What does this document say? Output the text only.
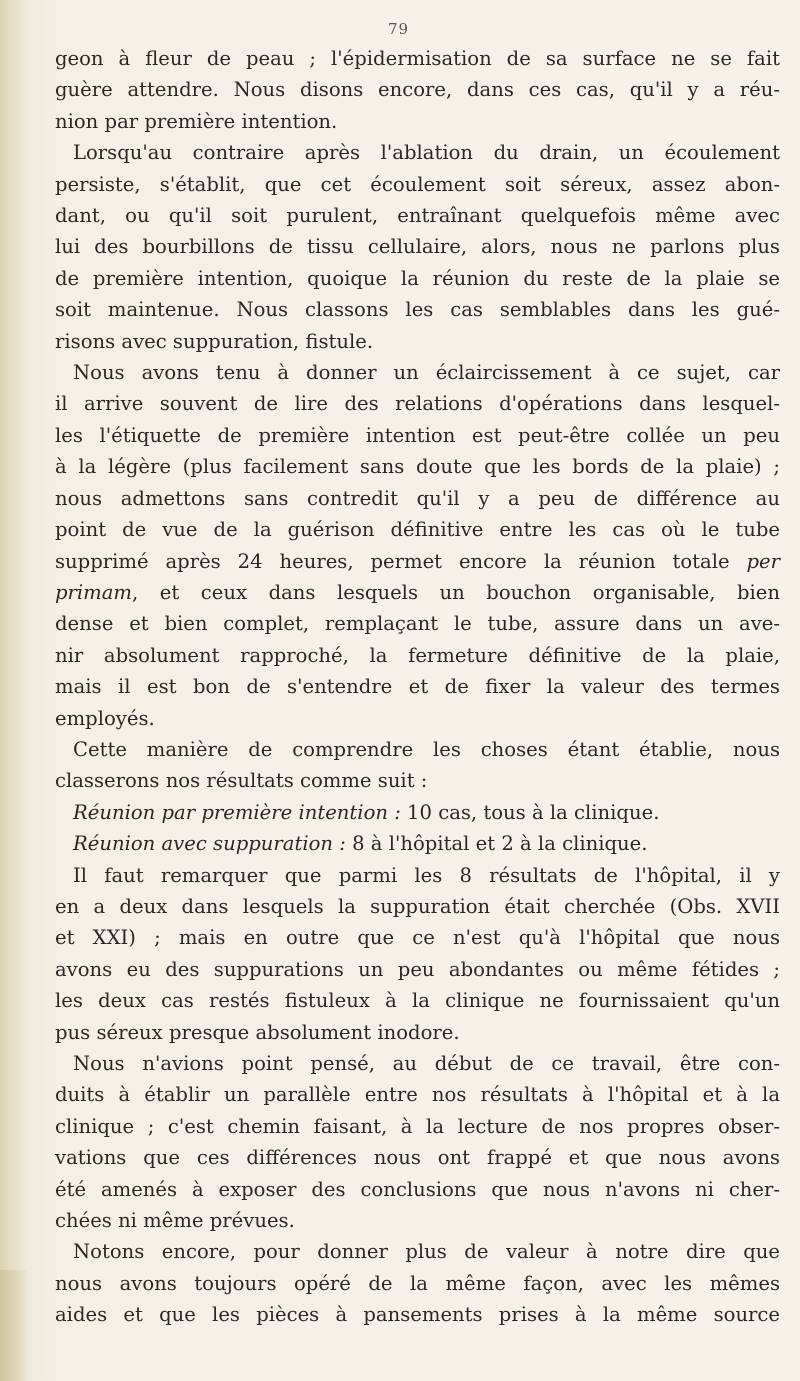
79
geon à fleur de peau ; l'épidermisation de sa surface ne se fait
guère attendre. Nous disons encore, dans ces cas, qu'il y a réu-
nion par première intention.
Lorsqu'au contraire après l'ablation du drain, un écoulement
persiste, s'établit, que cet écoulement soit séreux, assez abon-
dant, ou qu'il soit purulent, entraînant quelquefois même avec
lui des bourbillons de tissu cellulaire, alors, nous ne parlons plus
de première intention, quoique la réunion du reste de la plaie se
soit maintenue. Nous classons les cas semblables dans les gué-
risons avec suppuration, fistule.
Nous avons tenu à donner un éclaircissement à ce sujet, car
il arrive souvent de lire des relations d'opérations dans lesquel-
les l'étiquette de première intention est peut-être collée un peu
à la légère (plus facilement sans doute que les bords de la plaie) ;
nous admettons sans contredit qu'il y a peu de différence au
point de vue de la guérison définitive entre les cas où le tube
supprimé après 24 heures, permet encore la réunion totale per
primam, et ceux dans lesquels un bouchon organisable, bien
dense et bien complet, remplaçant le tube, assure dans un ave-
nir absolument rapproché, la fermeture définitive de la plaie,
mais il est bon de s'entendre et de fixer la valeur des termes
employés.
Cette manière de comprendre les choses étant établie, nous
classerons nos résultats comme suit :
Réunion par première intention : 10 cas, tous à la clinique.
Réunion avec suppuration : 8 à l'hôpital et 2 à la clinique.
Il faut remarquer que parmi les 8 résultats de l'hôpital, il y
en a deux dans lesquels la suppuration était cherchée (Obs. XVII
et XXI) ; mais en outre que ce n'est qu'à l'hôpital que nous
avons eu des suppurations un peu abondantes ou même fétides ;
les deux cas restés fistuleux à la clinique ne fournissaient qu'un
pus séreux presque absolument inodore.
Nous n'avions point pensé, au début de ce travail, être con-
duits à établir un parallèle entre nos résultats à l'hôpital et à la
clinique ; c'est chemin faisant, à la lecture de nos propres obser-
vations que ces différences nous ont frappé et que nous avons
été amenés à exposer des conclusions que nous n'avons ni cher-
chées ni même prévues.
Notons encore, pour donner plus de valeur à notre dire que
nous avons toujours opéré de la même façon, avec les mêmes
aides et que les pièces à pansements prises à la même source
